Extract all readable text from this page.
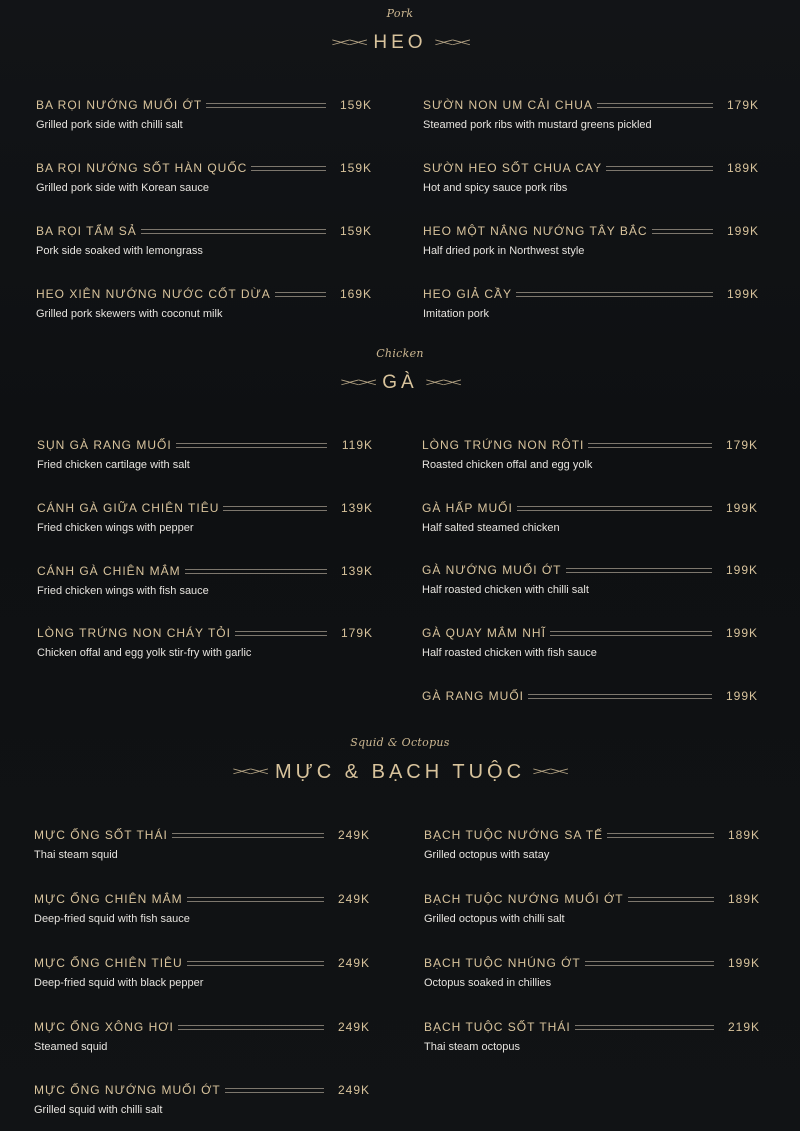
Pork
><>< HEO ><><
BA RỌI NƯỚNG MUỐI ỚT	159K
Grilled pork side with chilli salt
BA RỌI NƯỚNG SỐT HÀN QUỐC	159K
Grilled pork side with Korean sauce
BA RỌI TẨM SẢ	159K
Pork side soaked with lemongrass
HEO XIÊN NƯỚNG NƯỚC CỐT DỪA	169K
Grilled pork skewers with coconut milk
SƯỜN NON UM CẢI CHUA	179K
Steamed pork ribs with mustard greens pickled
SƯỜN HEO SỐT CHUA CAY	189K
Hot and spicy sauce pork ribs
HEO MỘT NẮNG NƯỚNG TÂY BẮC	199K
Half dried pork in Northwest style
HEO GIẢ CẦY	199K
Imitation pork
Chicken
><>< GÀ ><><
SỤN GÀ RANG MUỐI	119K
Fried chicken cartilage with salt
CÁNH GÀ GIỮA CHIÊN TIÊU	139K
Fried chicken wings with pepper
CÁNH GÀ CHIÊN MẮM	139K
Fried chicken wings with fish sauce
LÒNG TRỨNG NON CHÁY TỎI	179K
Chicken offal and egg yolk stir-fry with garlic
LÒNG TRỨNG NON RÔTI	179K
Roasted chicken offal and egg yolk
GÀ HẤP MUỐI	199K
Half salted steamed chicken
GÀ NƯỚNG MUỐI ỚT	199K
Half roasted chicken with chilli salt
GÀ QUAY MẮM NHĨ	199K
Half roasted chicken with fish sauce
GÀ RANG MUỐI	199K
Squid & Octopus
><>< MỰC & BẠCH TUỘC ><><
MỰC ỐNG SỐT THÁI	249K
Thai steam squid
MỰC ỐNG CHIÊN MẮM	249K
Deep-fried squid with fish sauce
MỰC ỐNG CHIÊN TIÊU	249K
Deep-fried squid with black pepper
MỰC ỐNG XÔNG HƠI	249K
Steamed squid
MỰC ỐNG NƯỚNG MUỐI ỚT	249K
Grilled squid with chilli salt
BẠCH TUỘC NƯỚNG SA TẾ	189K
Grilled octopus with satay
BẠCH TUỘC NƯỚNG MUỐI ỚT	189K
Grilled octopus with chilli salt
BẠCH TUỘC NHÚNG ỚT	199K
Octopus soaked in chillies
BẠCH TUỘC SỐT THÁI	219K
Thai steam octopus
